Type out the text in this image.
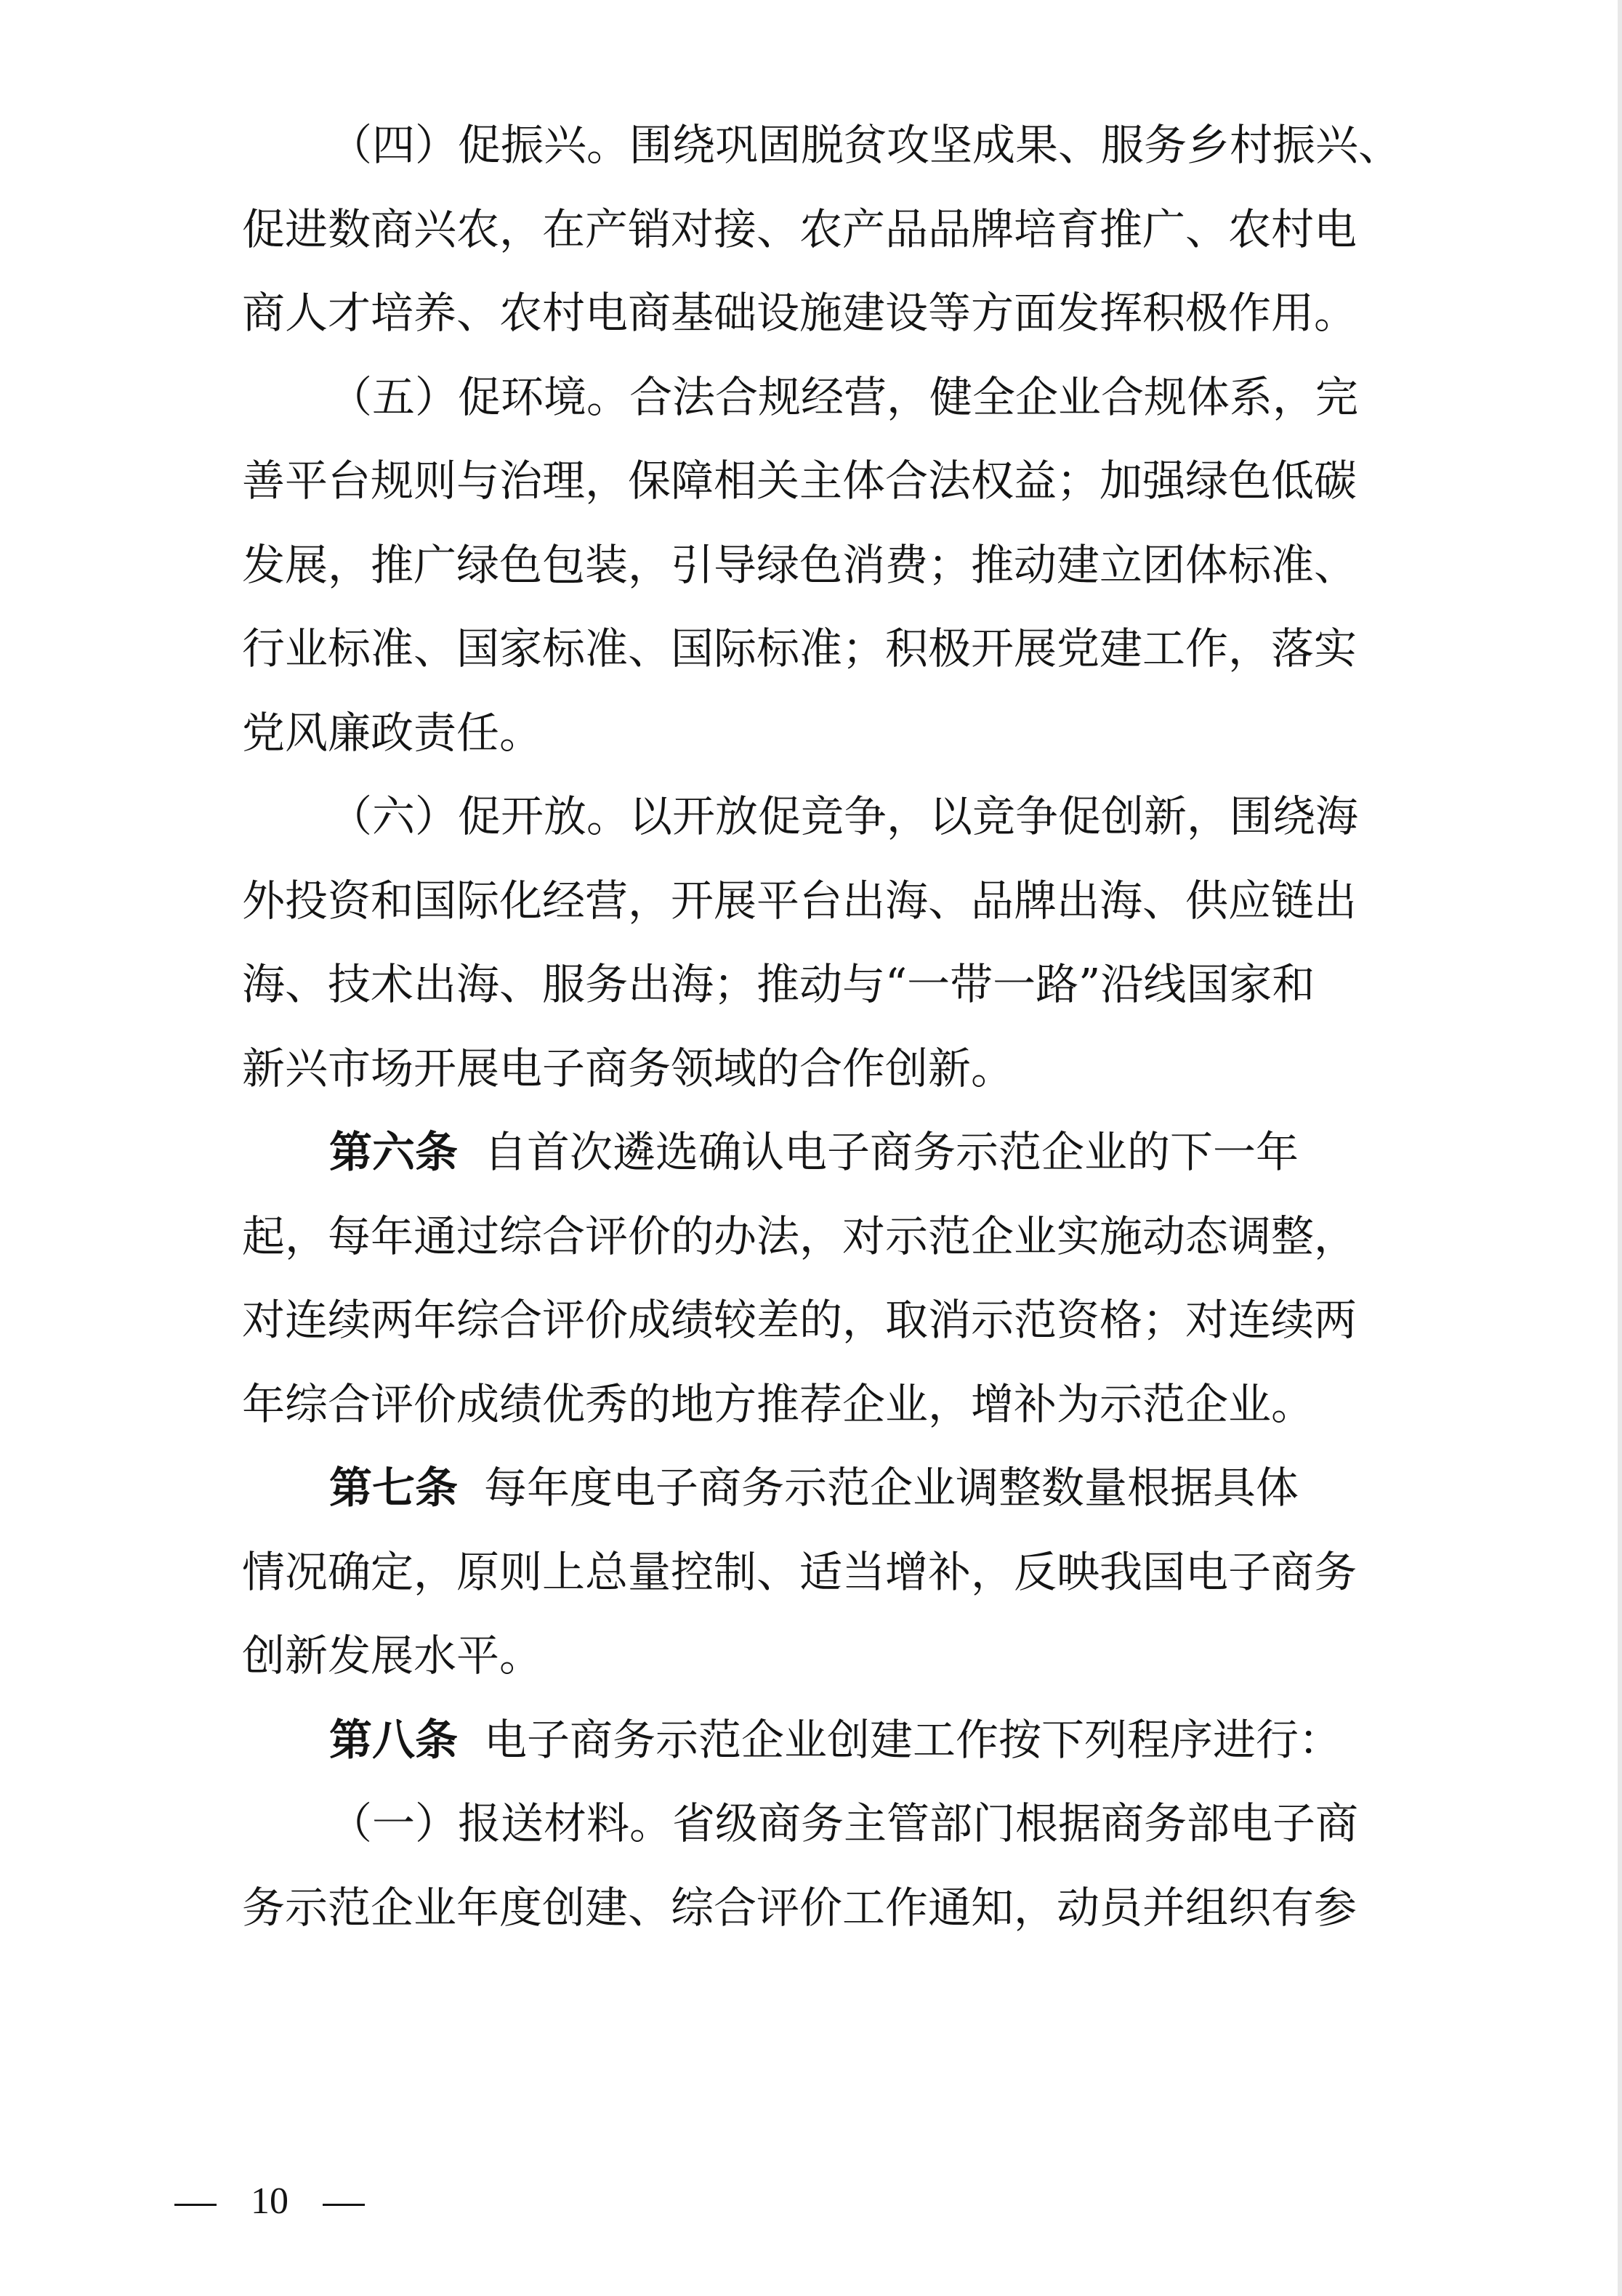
（四）促振兴。围绕巩固脱贫攻坚成果、服务乡村振兴、
促进数商兴农，在产销对接、农产品品牌培育推广、农村电
商人才培养、农村电商基础设施建设等方面发挥积极作用。
（五）促环境。合法合规经营，健全企业合规体系，完
善平台规则与治理，保障相关主体合法权益；加强绿色低碳
发展，推广绿色包装，引导绿色消费；推动建立团体标准、
行业标准、国家标准、国际标准；积极开展党建工作，落实
党风廉政责任。
（六）促开放。以开放促竞争，以竞争促创新，围绕海
外投资和国际化经营，开展平台出海、品牌出海、供应链出
海、技术出海、服务出海；推动与“一带一路”沿线国家和
新兴市场开展电子商务领域的合作创新。
第六条 自首次遴选确认电子商务示范企业的下一年
起，每年通过综合评价的办法，对示范企业实施动态调整，
对连续两年综合评价成绩较差的，取消示范资格；对连续两
年综合评价成绩优秀的地方推荐企业，增补为示范企业。
第七条 每年度电子商务示范企业调整数量根据具体
情况确定，原则上总量控制、适当增补，反映我国电子商务
创新发展水平。
第八条 电子商务示范企业创建工作按下列程序进行：
（一）报送材料。省级商务主管部门根据商务部电子商
务示范企业年度创建、综合评价工作通知，动员并组织有参
10
